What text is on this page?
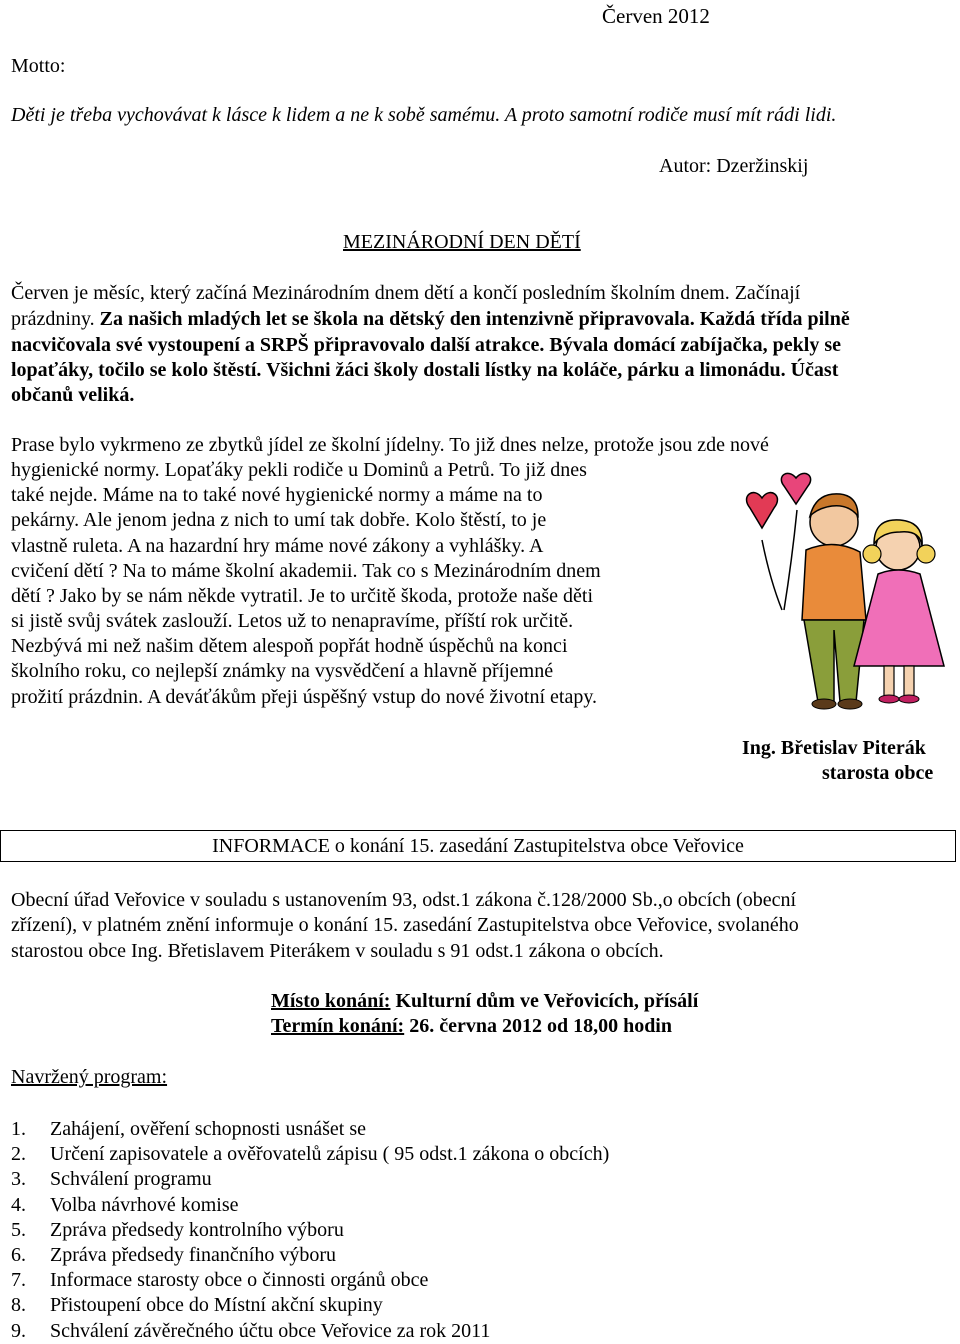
Červen 2012
Motto:
Děti je třeba vychovávat k lásce k lidem a ne k sobě samému. A proto samotní rodiče musí mít rádi lidi.
Autor: Dzeržinskij
MEZINÁRODNÍ DEN DĚTÍ
Červen je měsíc, který začíná Mezinárodním dnem dětí a končí posledním školním dnem. Začínají
prázdniny. Za našich mladých let se škola na dětský den intenzivně připravovala. Každá třída pilně
nacvičovala své vystoupení a SRPŠ připravovalo další atrakce. Bývala domácí zabíjačka, pekly se
lopaťáky, točilo se kolo štěstí. Všichni žáci školy dostali lístky na koláče, párku a limonádu. Účast
občanů veliká.
Prase bylo vykrmeno ze zbytků jídel ze školní jídelny. To již dnes nelze, protože jsou zde nové
hygienické normy. Lopaťáky pekli rodiče u Dominů a Petrů. To již dnes
také nejde. Máme na to také nové hygienické normy a máme na to
pekárny. Ale jenom jedna z nich to umí tak dobře. Kolo štěstí, to je
vlastně ruleta. A na hazardní hry máme nové zákony a vyhlášky. A
cvičení dětí ? Na to máme školní akademii. Tak co s Mezinárodním dnem
dětí ? Jako by se nám někde vytratil. Je to určitě škoda, protože naše děti
si jistě svůj svátek zaslouží. Letos už to nenapravíme, příští rok určitě.
Nezbývá mi než našim dětem alespoň popřát hodně úspěchů na konci
školního roku, co nejlepší známky na vysvědčení a hlavně příjemné
prožití prázdnin. A deváťákům přeji úspěšný vstup do nové životní etapy.
Ing. Břetislav Piterák
starosta obce
INFORMACE o konání 15. zasedání Zastupitelstva obce Veřovice
Obecní úřad Veřovice v souladu s ustanovením 93, odst.1 zákona č.128/2000 Sb.,o obcích (obecní
zřízení), v platném znění informuje o konání 15. zasedání Zastupitelstva obce Veřovice, svolaného
starostou obce Ing. Břetislavem Piterákem v souladu s 91 odst.1 zákona o obcích.
Místo konání: Kulturní dům ve Veřovicích, přísálí
Termín konání: 26. června 2012 od 18,00 hodin
Navržený program:
1. Zahájení, ověření schopnosti usnášet se
2. Určení zapisovatele a ověřovatelů zápisu ( 95 odst.1 zákona o obcích)
3. Schválení programu
4. Volba návrhové komise
5. Zpráva předsedy kontrolního výboru
6. Zpráva předsedy finančního výboru
7. Informace starosty obce o činnosti orgánů obce
8. Přistoupení obce do Místní akční skupiny
9. Schválení závěrečného účtu obce Veřovice za rok 2011
